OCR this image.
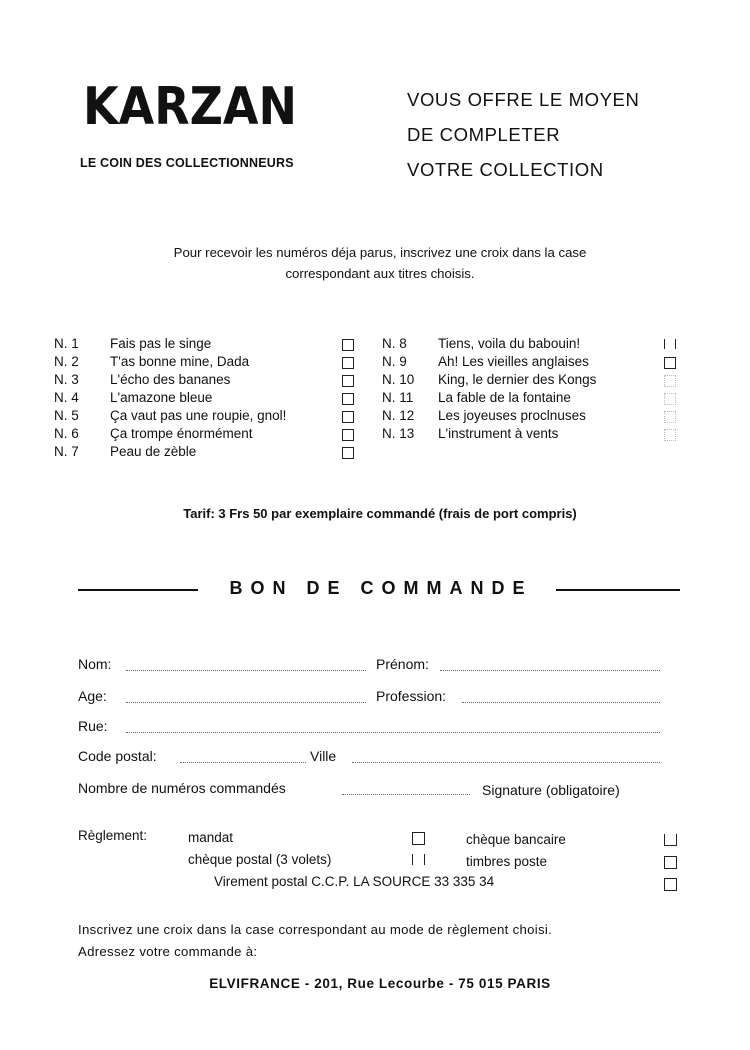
KARZAN
LE COIN DES COLLECTIONNEURS
VOUS OFFRE LE MOYEN
DE COMPLETER
VOTRE COLLECTION
Pour recevoir les numéros déja parus, inscrivez une croix dans la case
correspondant aux titres choisis.
N. 1 Fais pas le singe
N. 2 T'as bonne mine, Dada
N. 3 L'écho des bananes
N. 4 L'amazone bleue
N. 5 Ça vaut pas une roupie, gnol!
N. 6 Ça trompe énormément
N. 7 Peau de zèble
N. 8 Tiens, voila du babouin!
N. 9 Ah! Les vieilles anglaises
N. 10 King, le dernier des Kongs
N. 11 La fable de la fontaine
N. 12 Les joyeuses proclnuses
N. 13 L'instrument à vents
Tarif: 3 Frs 50 par exemplaire commandé (frais de port compris)
BON DE COMMANDE
Nom:	Prénom:
Age:	Profession:
Rue:
Code postal:	Ville
Nombre de numéros commandés	Signature (obligatoire)
Règlement:	mandat	chèque bancaire
chèque postal (3 volets)	timbres poste
Virement postal C.C.P. LA SOURCE 33 335 34
Inscrivez une croix dans la case correspondant au mode de règlement choisi.
Adressez votre commande à:
ELVIFRANCE - 201, Rue Lecourbe - 75 015 PARIS
